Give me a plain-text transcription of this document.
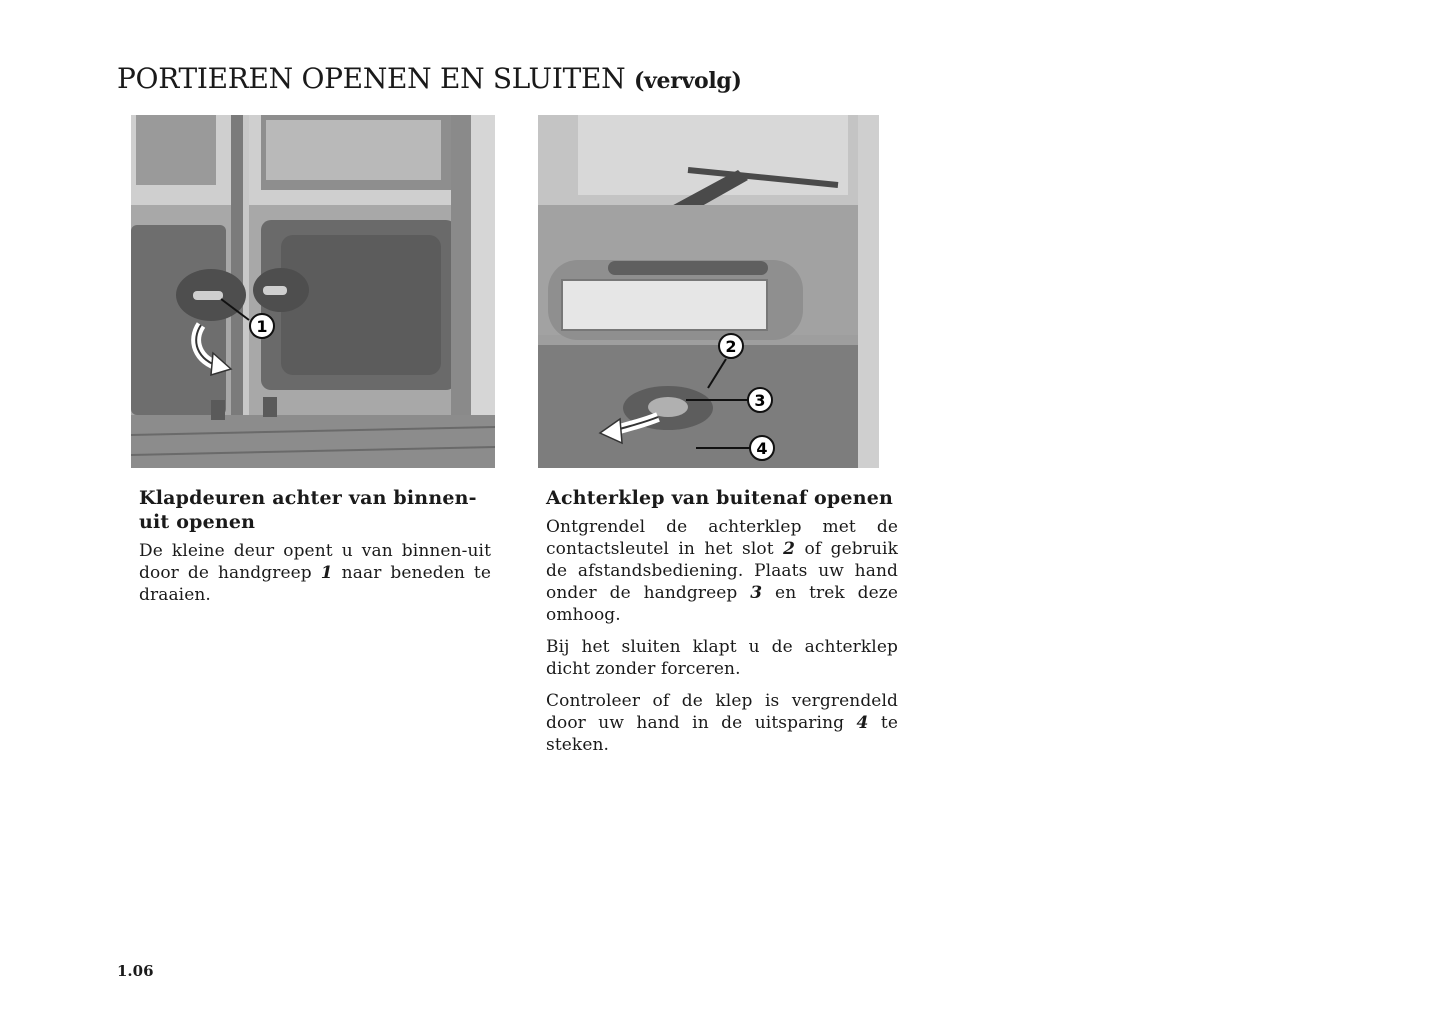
PORTIEREN OPENEN EN SLUITEN (vervolg)
1
2
3
4
Klapdeuren achter van binnen-
uit openen

De kleine deur opent u van binnen-uit door de handgreep 1 naar beneden te draaien.

Achterklep van buitenaf openen

Ontgrendel de achterklep met de contactsleutel in het slot 2 of gebruik de afstandsbediening. Plaats uw hand onder de handgreep 3 en trek deze omhoog.

Bij het sluiten klapt u de achterklep dicht zonder forceren.

Controleer of de klep is vergrendeld door uw hand in de uitsparing 4 te steken.

1.06
